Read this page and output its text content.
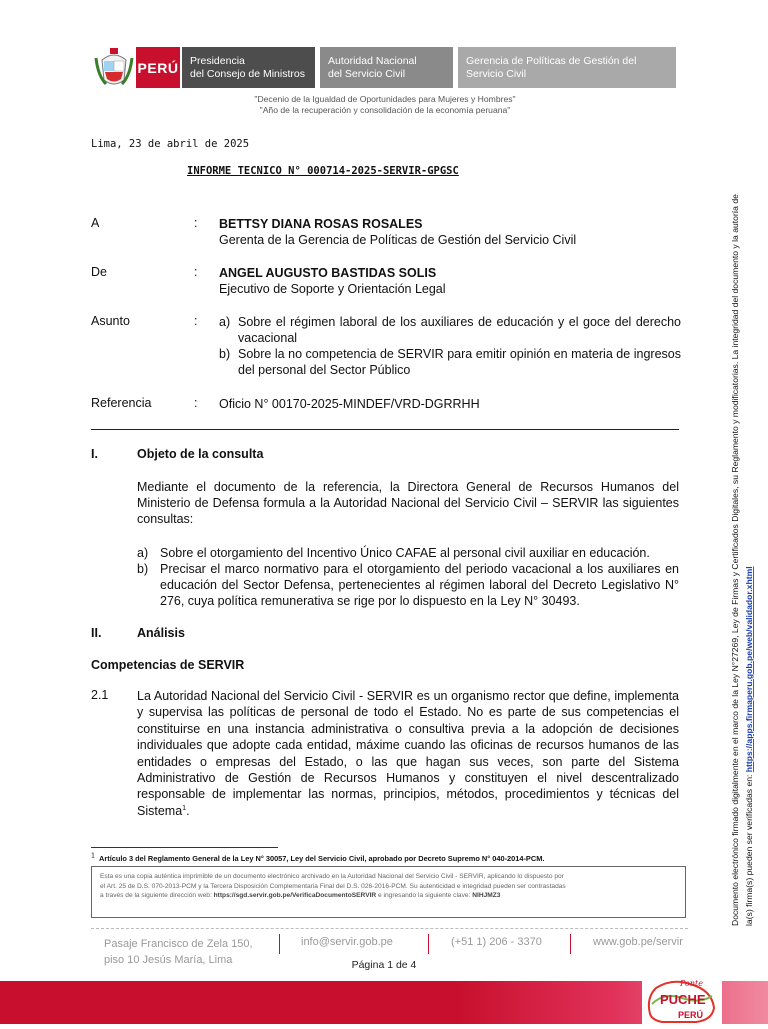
PERÚ Presidencia
del Consejo de Ministros
Autoridad Nacional
del Servicio Civil
Gerencia de Políticas de Gestión del
Servicio Civil
"Decenio de la Igualdad de Oportunidades para Mujeres y Hombres"
"Año de la recuperación y consolidación de la economía peruana"
Lima, 23 de abril de 2025
INFORME TECNICO N° 000714-2025-SERVIR-GPGSC
A	: BETTSY DIANA ROSAS ROSALES
Gerenta de la Gerencia de Políticas de Gestión del Servicio Civil
De	: ANGEL AUGUSTO BASTIDAS SOLIS
Ejecutivo de Soporte y Orientación Legal
Asunto	: a) Sobre el régimen laboral de los auxiliares de educación y el goce del derecho vacacional
b) Sobre la no competencia de SERVIR para emitir opinión en materia de ingresos del personal del Sector Público
Referencia	: Oficio N° 00170-2025-MINDEF/VRD-DGRRHH
I.	Objeto de la consulta
Mediante el documento de la referencia, la Directora General de Recursos Humanos del Ministerio de Defensa formula a la Autoridad Nacional del Servicio Civil – SERVIR las siguientes consultas:
a) Sobre el otorgamiento del Incentivo Único CAFAE al personal civil auxiliar en educación.
b) Precisar el marco normativo para el otorgamiento del periodo vacacional a los auxiliares en educación del Sector Defensa, pertenecientes al régimen laboral del Decreto Legislativo N° 276, cuya política remunerativa se rige por lo dispuesto en la Ley N° 30493.
II.	Análisis
Competencias de SERVIR
2.1 La Autoridad Nacional del Servicio Civil - SERVIR es un organismo rector que define, implementa y supervisa las políticas de personal de todo el Estado. No es parte de sus competencias el constituirse en una instancia administrativa o consultiva previa a la adopción de decisiones individuales que adopte cada entidad, máxime cuando las oficinas de recursos humanos de las entidades o empresas del Estado, o las que hagan sus veces, son parte del Sistema Administrativo de Gestión de Recursos Humanos y constituyen el nivel descentralizado responsable de implementar las normas, principios, métodos, procedimientos y técnicas del Sistema$^1$.
$^1$ Artículo 3 del Reglamento General de la Ley N° 30057, Ley del Servicio Civil, aprobado por Decreto Supremo N° 040-2014-PCM.
Esta es una copia auténtica imprimible de un documento electrónico archivado en la Autoridad Nacional del Servicio Civil - SERVIR, aplicando lo dispuesto por
el Art. 25 de D.S. 070-2013-PCM y la Tercera Disposición Complementaria Final del D.S. 026-2016-PCM. Su autenticidad e integridad pueden ser contrastadas
a través de la siguiente dirección web: https://sgd.servir.gob.pe/VerificaDocumentoSERVIR e ingresando la siguiente clave: NIHJMZ3
Pasaje Francisco de Zela 150,
piso 10 Jesús María, Lima
info@servir.gob.pe	(+51 1) 206 - 3370	www.gob.pe/servir
Página 1 de 4
Ponte
PUCHE
PERÚ
Documento electrónico firmado digitalmente en el marco de la Ley N°27269, Ley de Firmas y Certificados Digitales, su Reglamento y modificatorias. La integridad del documento y la autoría de la(s) firma(s) pueden ser verificadas en: https://apps.firmaperu.gob.pe/web/validador.xhtml
